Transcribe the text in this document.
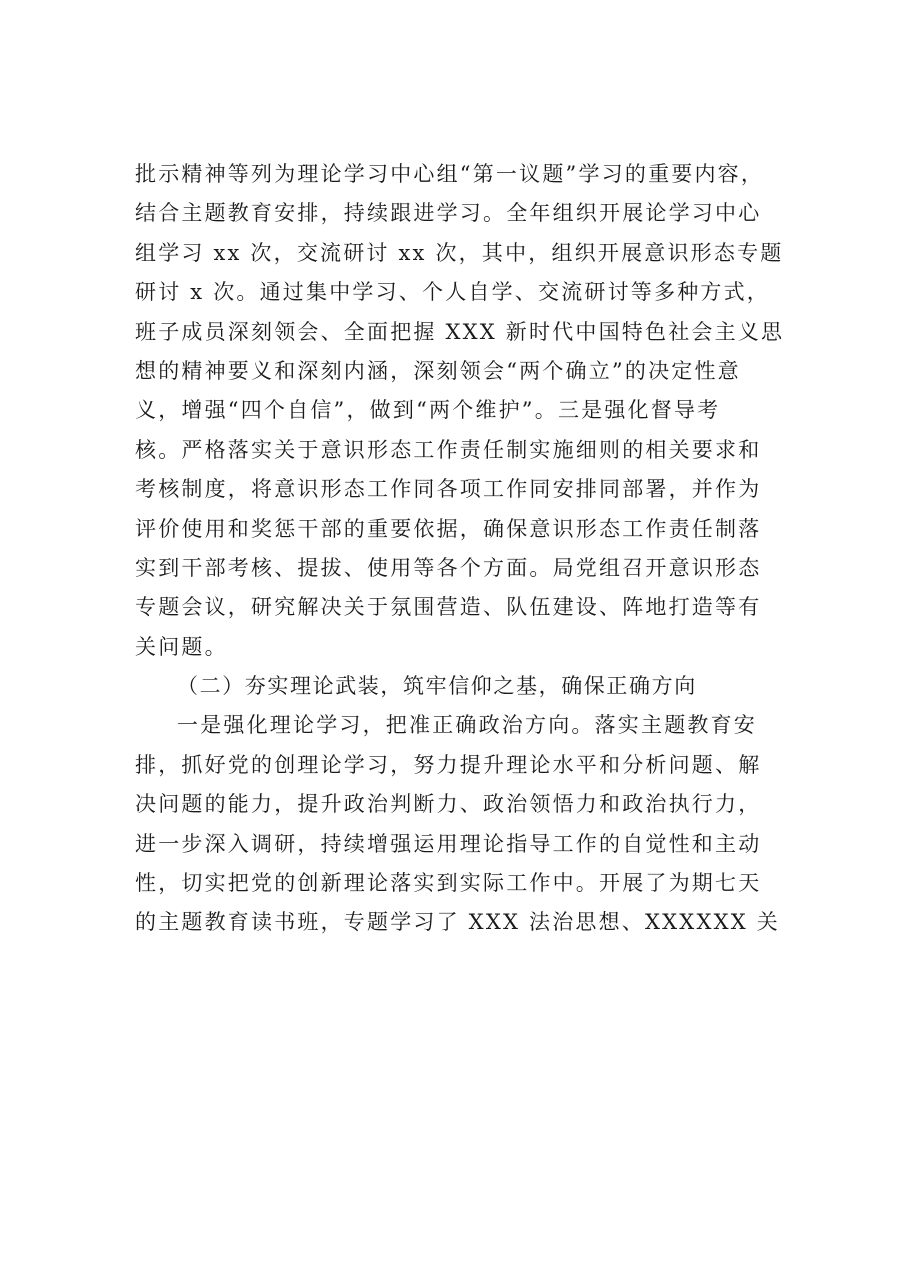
批示精神等列为理论学习中心组“第一议题”学习的重要内容，
结合主题教育安排，持续跟进学习。全年组织开展论学习中心
组学习 xx 次，交流研讨 xx 次，其中，组织开展意识形态专题
研讨 x 次。通过集中学习、个人自学、交流研讨等多种方式，
班子成员深刻领会、全面把握 XXX 新时代中国特色社会主义思
想的精神要义和深刻内涵，深刻领会“两个确立”的决定性意
义，增强“四个自信”，做到“两个维护”。三是强化督导考
核。严格落实关于意识形态工作责任制实施细则的相关要求和
考核制度，将意识形态工作同各项工作同安排同部署，并作为
评价使用和奖惩干部的重要依据，确保意识形态工作责任制落
实到干部考核、提拔、使用等各个方面。局党组召开意识形态
专题会议，研究解决关于氛围营造、队伍建设、阵地打造等有
关问题。
（二）夯实理论武装，筑牢信仰之基，确保正确方向
一是强化理论学习，把准正确政治方向。落实主题教育安
排，抓好党的创理论学习，努力提升理论水平和分析问题、解
决问题的能力，提升政治判断力、政治领悟力和政治执行力，
进一步深入调研，持续增强运用理论指导工作的自觉性和主动
性，切实把党的创新理论落实到实际工作中。开展了为期七天
的主题教育读书班，专题学习了 XXX 法治思想、XXXXXX 关
